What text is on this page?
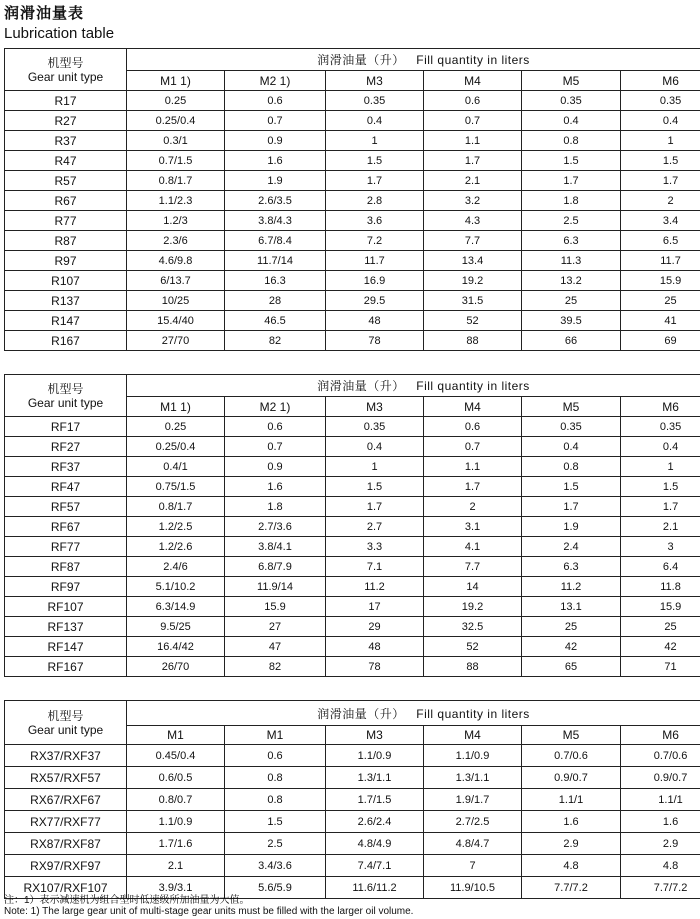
润滑油量表
Lubrication table
机型号
Gear unit type	润滑油量（升）   Fill quantity in liters					
	M1 1)	M2 1)	M3	M4	M5	M6
R17	0.25	0.6	0.35	0.6	0.35	0.35
R27	0.25/0.4	0.7	0.4	0.7	0.4	0.4
R37	0.3/1	0.9	1	1.1	0.8	1
R47	0.7/1.5	1.6	1.5	1.7	1.5	1.5
R57	0.8/1.7	1.9	1.7	2.1	1.7	1.7
R67	1.1/2.3	2.6/3.5	2.8	3.2	1.8	2
R77	1.2/3	3.8/4.3	3.6	4.3	2.5	3.4
R87	2.3/6	6.7/8.4	7.2	7.7	6.3	6.5
R97	4.6/9.8	11.7/14	11.7	13.4	11.3	11.7
R107	6/13.7	16.3	16.9	19.2	13.2	15.9
R137	10/25	28	29.5	31.5	25	25
R147	15.4/40	46.5	48	52	39.5	41
R167	27/70	82	78	88	66	69
机型号
Gear unit type	润滑油量（升）   Fill quantity in liters					
	M1 1)	M2 1)	M3	M4	M5	M6
RF17	0.25	0.6	0.35	0.6	0.35	0.35
RF27	0.25/0.4	0.7	0.4	0.7	0.4	0.4
RF37	0.4/1	0.9	1	1.1	0.8	1
RF47	0.75/1.5	1.6	1.5	1.7	1.5	1.5
RF57	0.8/1.7	1.8	1.7	2	1.7	1.7
RF67	1.2/2.5	2.7/3.6	2.7	3.1	1.9	2.1
RF77	1.2/2.6	3.8/4.1	3.3	4.1	2.4	3
RF87	2.4/6	6.8/7.9	7.1	7.7	6.3	6.4
RF97	5.1/10.2	11.9/14	11.2	14	11.2	11.8
RF107	6.3/14.9	15.9	17	19.2	13.1	15.9
RF137	9.5/25	27	29	32.5	25	25
RF147	16.4/42	47	48	52	42	42
RF167	26/70	82	78	88	65	71
机型号
Gear unit type	润滑油量（升）   Fill quantity in liters					
	M1	M1	M3	M4	M5	M6
RX37/RXF37	0.45/0.4	0.6	1.1/0.9	1.1/0.9	0.7/0.6	0.7/0.6
RX57/RXF57	0.6/0.5	0.8	1.3/1.1	1.3/1.1	0.9/0.7	0.9/0.7
RX67/RXF67	0.8/0.7	0.8	1.7/1.5	1.9/1.7	1.1/1	1.1/1
RX77/RXF77	1.1/0.9	1.5	2.6/2.4	2.7/2.5	1.6	1.6
RX87/RXF87	1.7/1.6	2.5	4.8/4.9	4.8/4.7	2.9	2.9
RX97/RXF97	2.1	3.4/3.6	7.4/7.1	7	4.8	4.8
RX107/RXF107	3.9/3.1	5.6/5.9	11.6/11.2	11.9/10.5	7.7/7.2	7.7/7.2
注：1）表示减速机为组合型时低速级所加油量为大值。
Note: 1) The large gear unit of multi-stage gear units must be filled with the larger oil volume.
